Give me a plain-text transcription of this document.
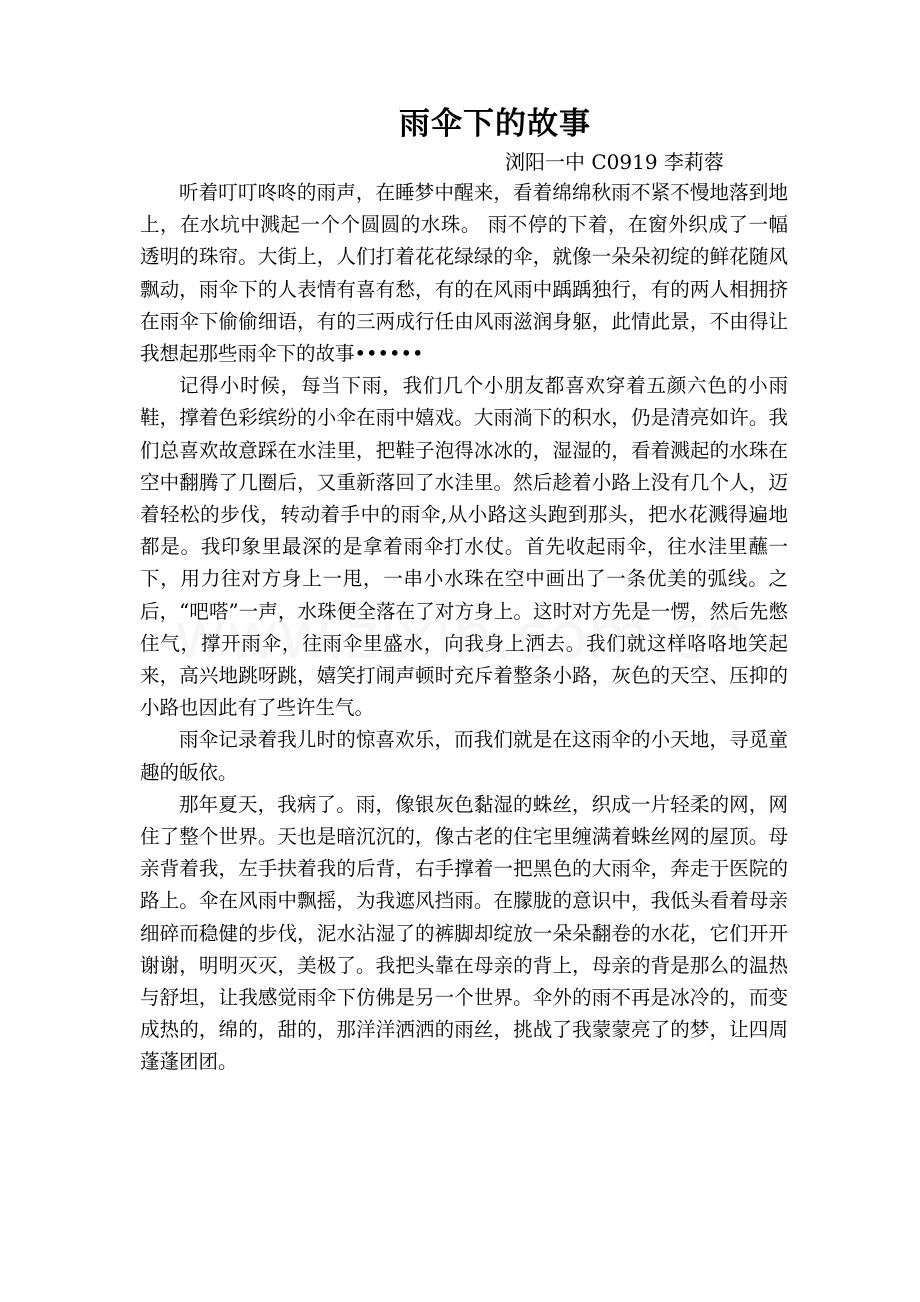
雨伞下的故事
浏阳一中 C0919 李莉蓉

听着叮叮咚咚的雨声，在睡梦中醒来，看着绵绵秋雨不紧不慢地落到地上，在水坑中溅起一个个圆圆的水珠。 雨不停的下着，在窗外织成了一幅透明的珠帘。大街上，人们打着花花绿绿的伞，就像一朵朵初绽的鲜花随风飘动，雨伞下的人表情有喜有愁，有的在风雨中踽踽独行，有的两人相拥挤在雨伞下偷偷细语，有的三两成行任由风雨滋润身躯，此情此景，不由得让我想起那些雨伞下的故事••••••

记得小时候，每当下雨，我们几个小朋友都喜欢穿着五颜六色的小雨鞋，撑着色彩缤纷的小伞在雨中嬉戏。大雨淌下的积水，仍是清亮如许。我们总喜欢故意踩在水洼里，把鞋子泡得冰冰的，湿湿的，看着溅起的水珠在空中翻腾了几圈后，又重新落回了水洼里。然后趁着小路上没有几个人，迈着轻松的步伐，转动着手中的雨伞,从小路这头跑到那头，把水花溅得遍地都是。我印象里最深的是拿着雨伞打水仗。首先收起雨伞，往水洼里蘸一下，用力往对方身上一甩，一串小水珠在空中画出了一条优美的弧线。之后，“吧嗒”一声，水珠便全落在了对方身上。这时对方先是一愣，然后先憋住气，撑开雨伞，往雨伞里盛水，向我身上洒去。我们就这样咯咯地笑起来，高兴地跳呀跳，嬉笑打闹声顿时充斥着整条小路，灰色的天空、压抑的小路也因此有了些许生气。

雨伞记录着我儿时的惊喜欢乐，而我们就是在这雨伞的小天地，寻觅童趣的皈依。

那年夏天，我病了。雨，像银灰色黏湿的蛛丝，织成一片轻柔的网，网住了整个世界。天也是暗沉沉的，像古老的住宅里缠满着蛛丝网的屋顶。母亲背着我，左手扶着我的后背，右手撑着一把黑色的大雨伞，奔走于医院的路上。伞在风雨中飘摇，为我遮风挡雨。在朦胧的意识中，我低头看着母亲细碎而稳健的步伐，泥水沾湿了的裤脚却绽放一朵朵翻卷的水花，它们开开谢谢，明明灭灭，美极了。我把头靠在母亲的背上，母亲的背是那么的温热与舒坦，让我感觉雨伞下仿佛是另一个世界。伞外的雨不再是冰冷的，而变成热的，绵的，甜的，那洋洋洒洒的雨丝，挑战了我蒙蒙亮了的梦，让四周蓬蓬团团。
